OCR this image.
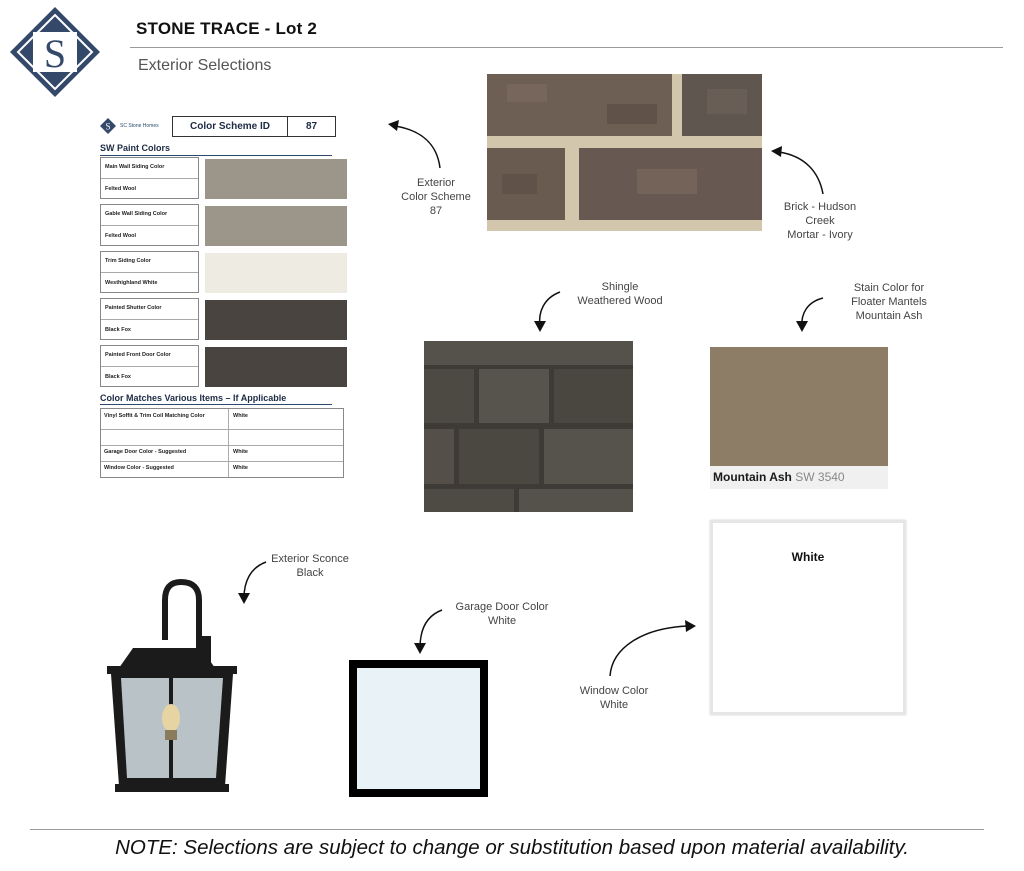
S
STONE TRACE - Lot 2
Exterior Selections
S SC Stone Homes	Color Scheme ID	87
SW Paint Colors
Main Wall Siding Color
Felted Wool
Gable Wall Siding Color
Felted Wool
Trim Siding Color
Westhighland White
Painted Shutter Color
Black Fox
Painted Front Door Color
Black Fox
Color Matches Various Items – If Applicable
Vinyl Soffit & Trim Coil Matching Color	White
Garage Door Color - Suggested	White
Window Color - Suggested	White
Exterior
Color Scheme
87	Brick - Hudson
Creek
Mortar - Ivory
Shingle
Weathered Wood
Stain Color for
Floater Mantels
Mountain Ash
Mountain Ash SW 3540
Exterior Sconce
Black
Garage Door Color
White
Window Color
White
White
NOTE: Selections are subject to change or substitution based upon material availability.
